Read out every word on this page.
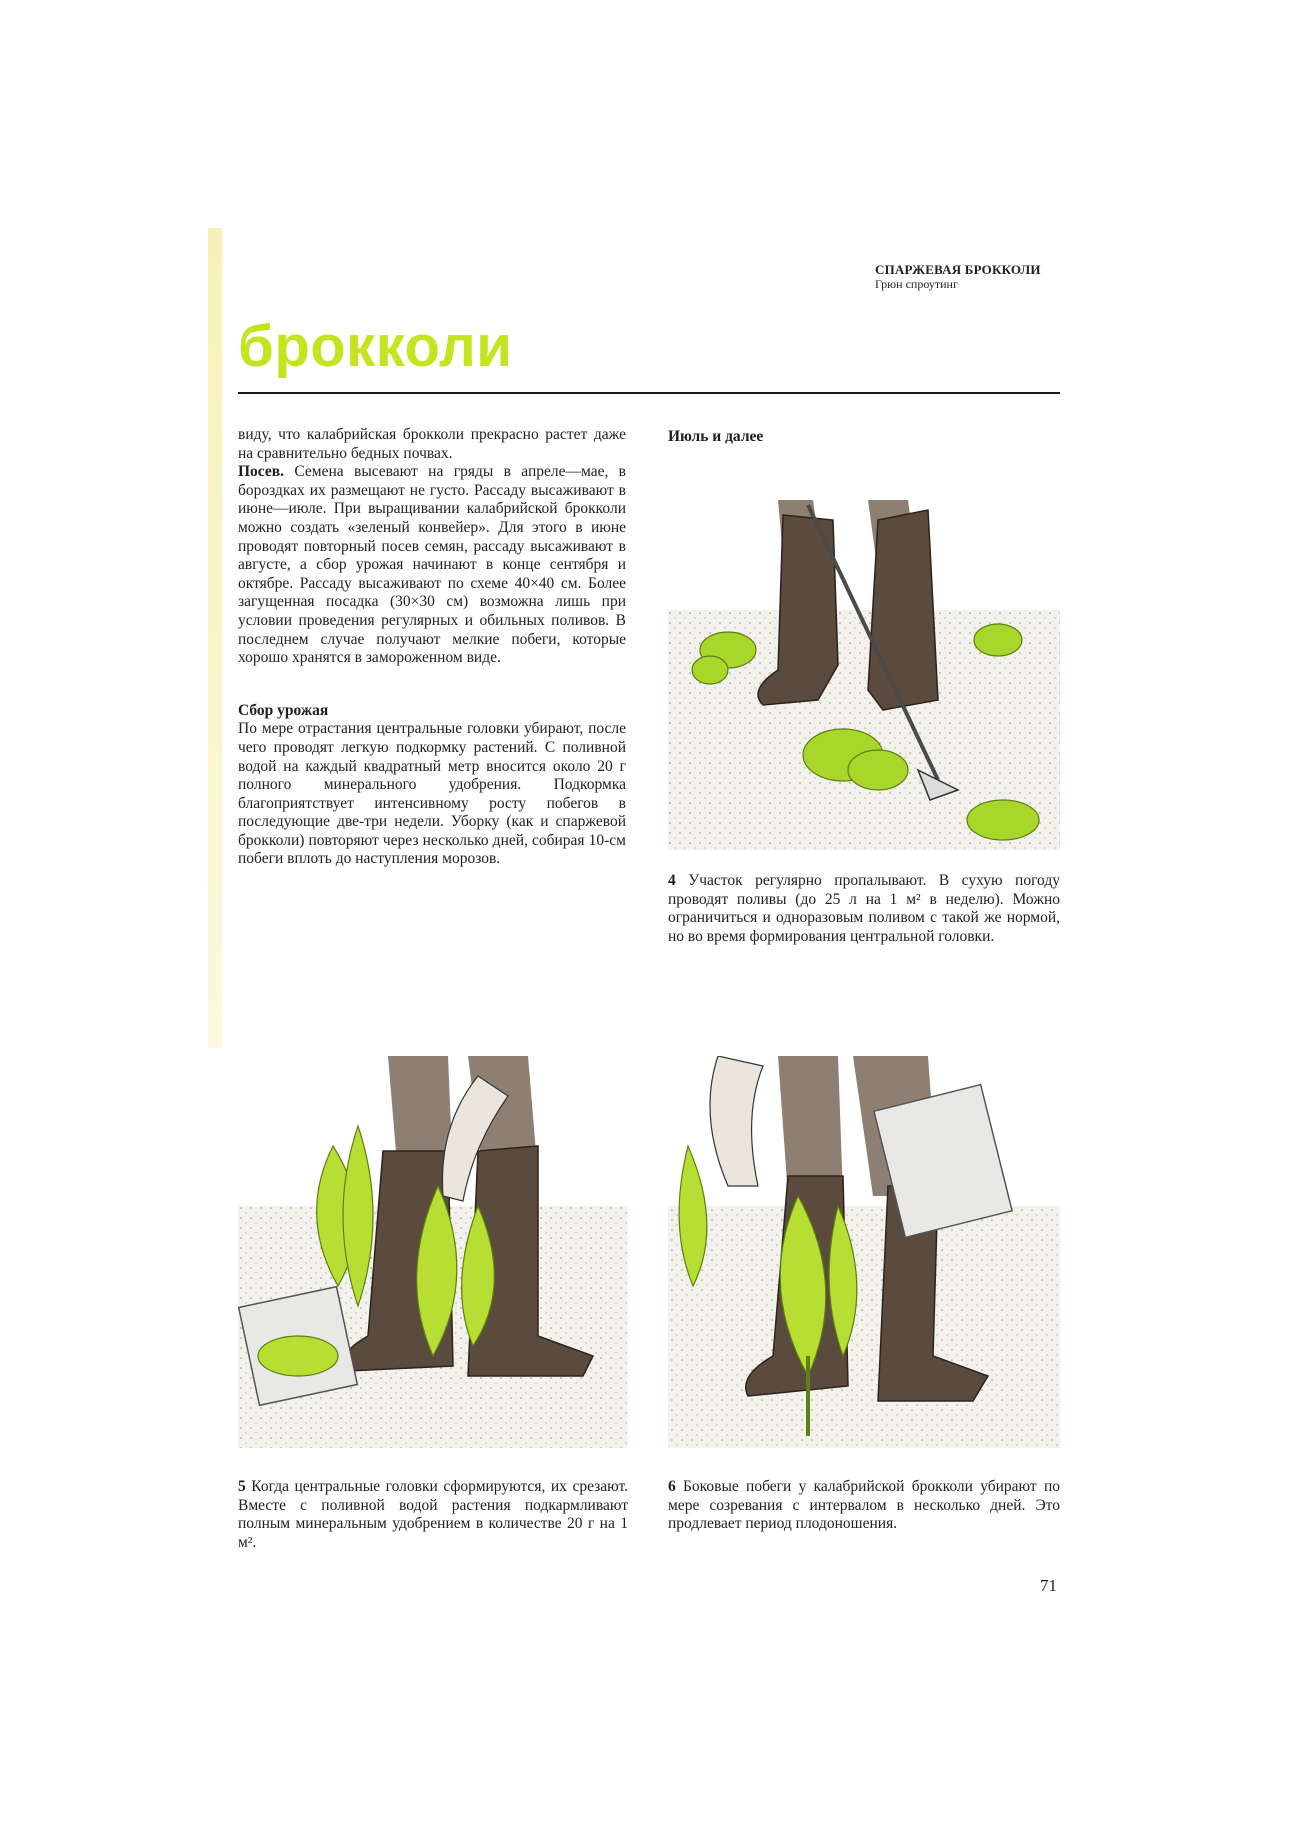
СПАРЖЕВАЯ БРОККОЛИ
Грюн спроутинг
брокколи

виду, что калабрийская брокколи прекрасно растет даже на сравнительно бедных почвах.

Посев. Семена высевают на гряды в апреле—мае, в бороздках их размещают не густо. Рассаду высаживают в июне—июле. При выращивании калабрийской брокколи можно создать «зеленый конвейер». Для этого в июне проводят повторный посев семян, рассаду высаживают в августе, а сбор урожая начинают в конце сентября и октябре. Рассаду высаживают по схеме 40×40 см. Более загущенная посадка (30×30 см) возможна лишь при условии проведения регулярных и обильных поливов. В последнем случае получают мелкие побеги, которые хорошо хранятся в замороженном виде.

Сбор урожая

По мере отрастания центральные головки убирают, после чего проводят легкую подкормку растений. С поливной водой на каждый квадратный метр вносится около 20 г полного минерального удобрения. Подкормка благоприятствует интенсивному росту побегов в последующие две-три недели. Уборку (как и спаржевой брокколи) повторяют через несколько дней, собирая 10-см побеги вплоть до наступления морозов.

Июль и далее
4 Участок регулярно пропалывают. В сухую погоду проводят поливы (до 25 л на 1 м² в неделю). Можно ограничиться и одноразовым поливом с такой же нормой, но во время формирования центральной головки.
5 Когда центральные головки сформируются, их срезают. Вместе с поливной водой растения подкармливают полным минеральным удобрением в количестве 20 г на 1 м².
6 Боковые побеги у калабрийской брокколи убирают по мере созревания с интервалом в несколько дней. Это продлевает период плодоношения.
71
